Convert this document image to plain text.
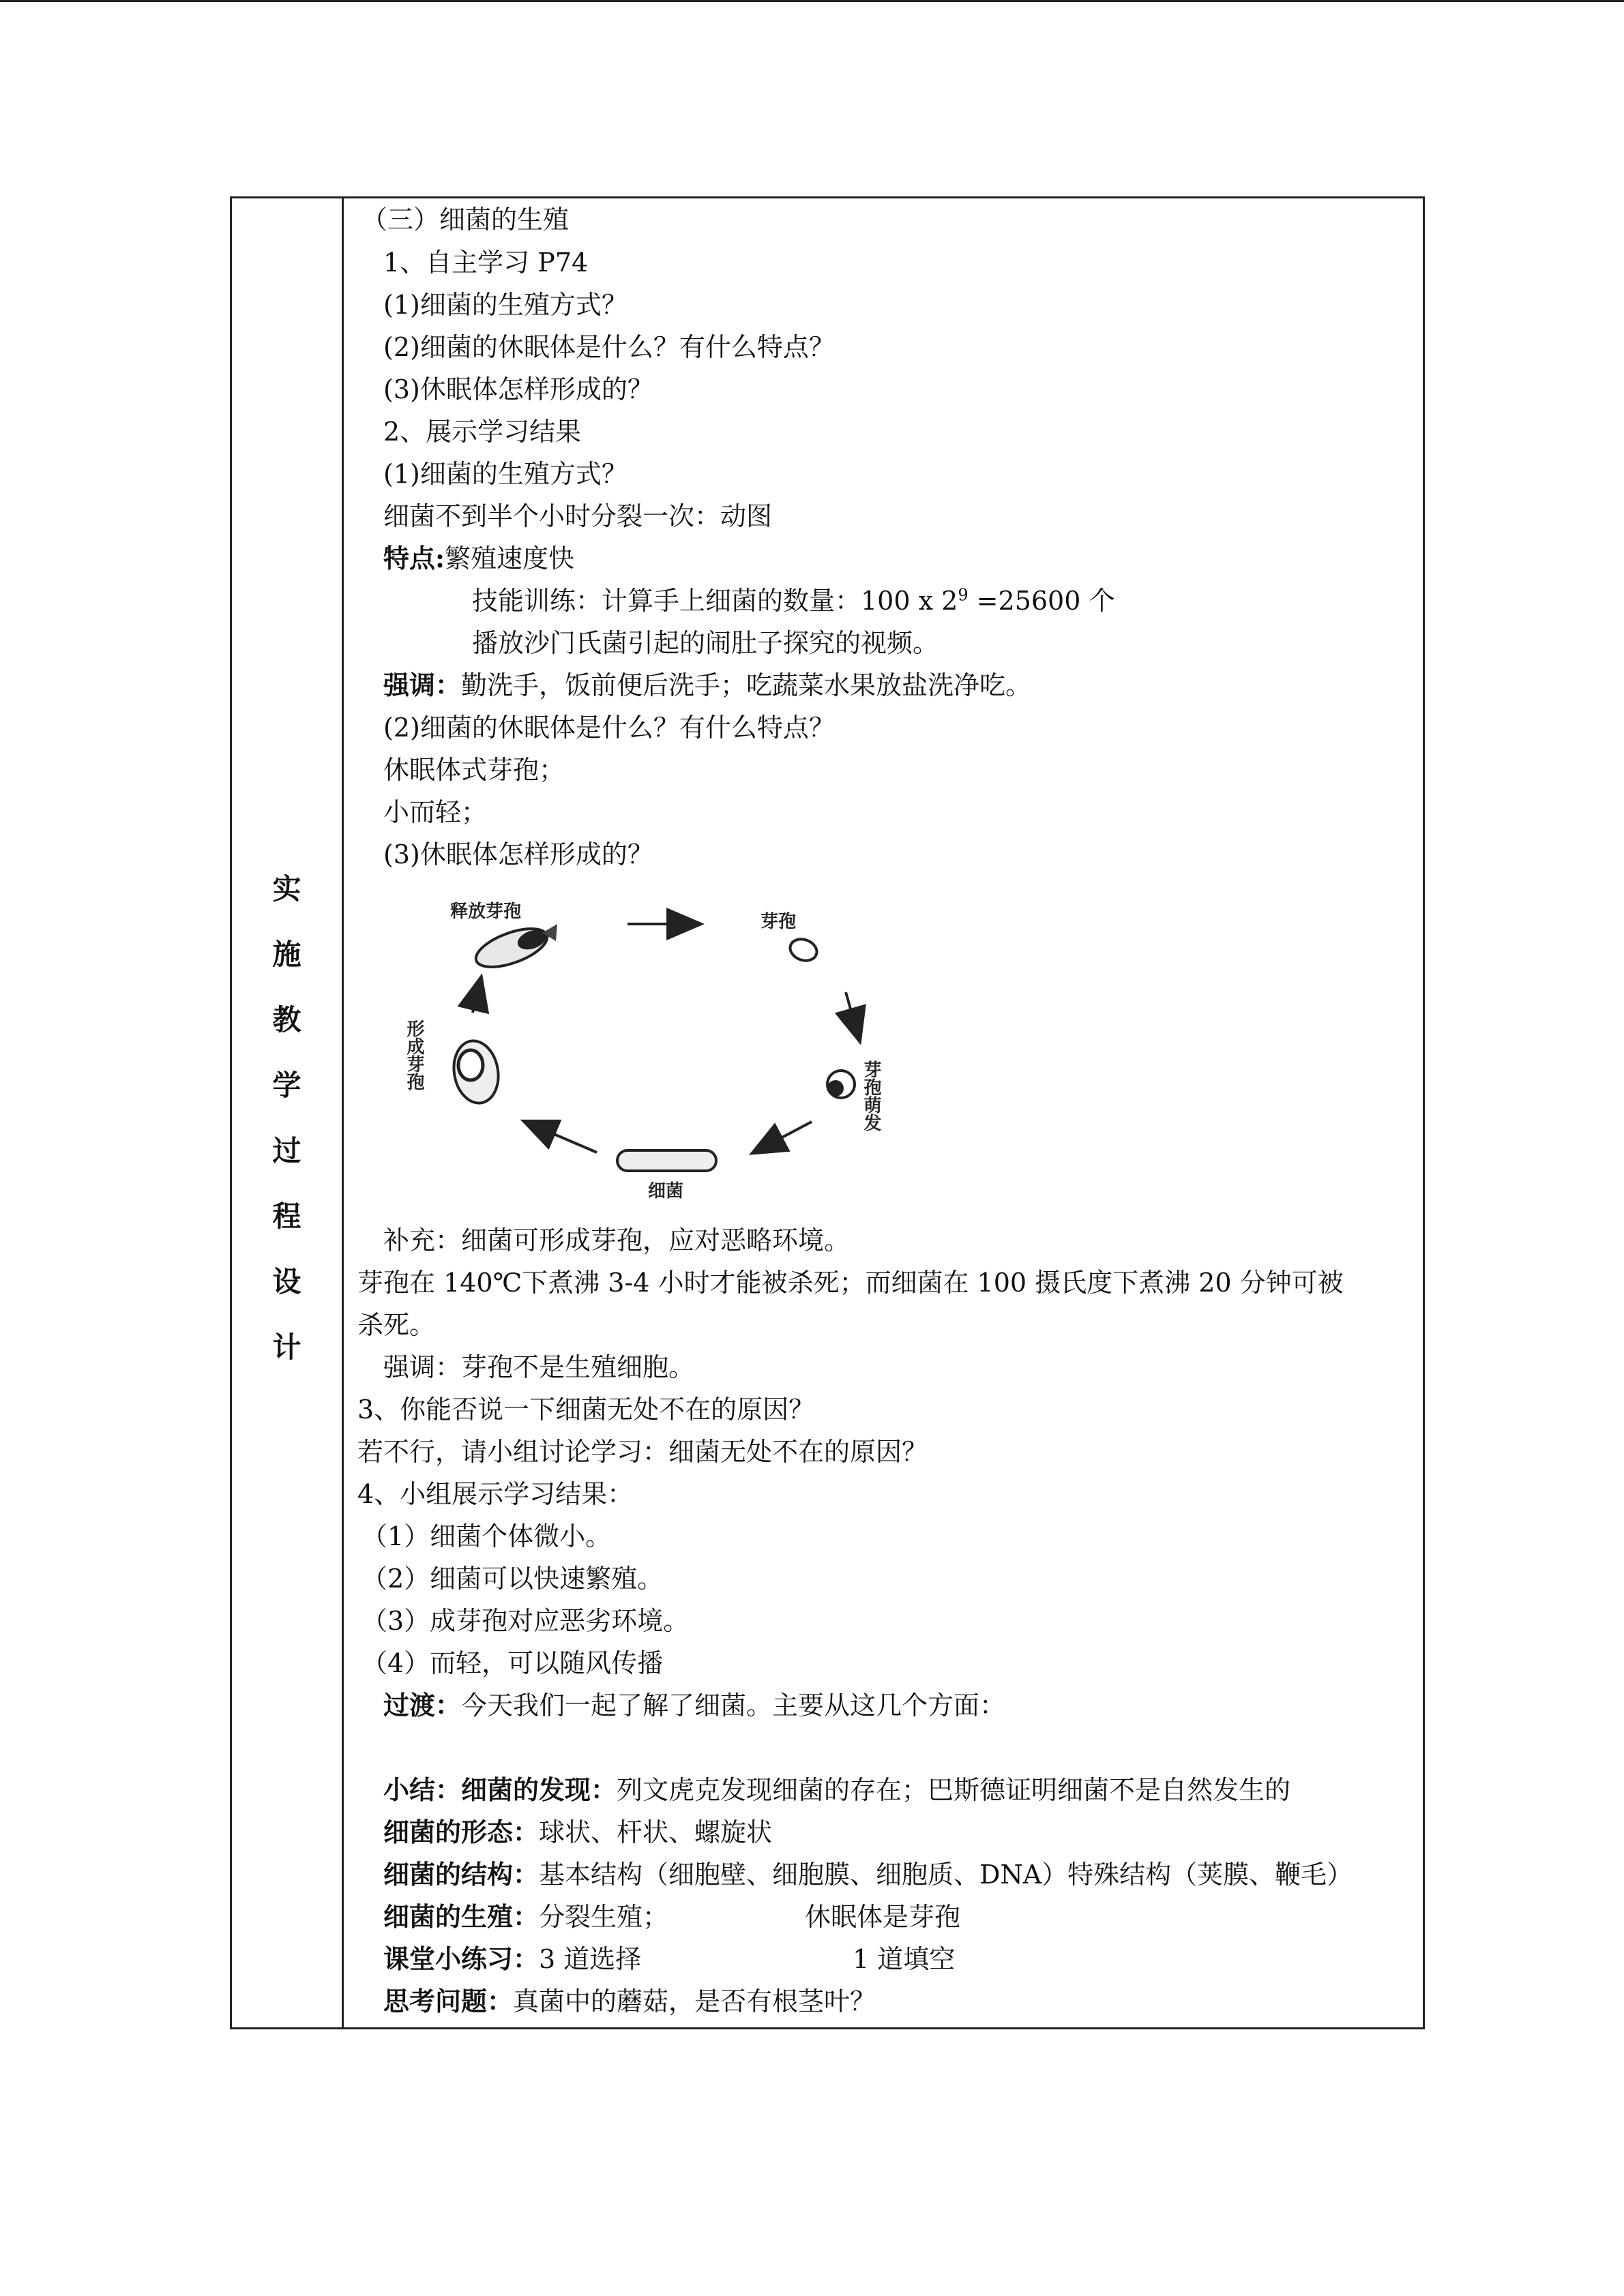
实
施
教
学
过
程
设
计
（三）细菌的生殖
1、自主学习 P74
(1)细菌的生殖方式？
(2)细菌的休眠体是什么？有什么特点？
(3)休眠体怎样形成的？
2、展示学习结果
(1)细菌的生殖方式？
细菌不到半个小时分裂一次：动图
特点:繁殖速度快
技能训练：计算手上细菌的数量：100 x $2^9 =25600$ 个
播放沙门氏菌引起的闹肚子探究的视频。
强调：勤洗手，饭前便后洗手；吃蔬菜水果放盐洗净吃。
(2)细菌的休眠体是什么？有什么特点？
休眠体式芽孢；
小而轻；
(3)休眠体怎样形成的？
释放芽孢	芽孢
芽孢萌发
细菌
形成芽孢
补充：细菌可形成芽孢，应对恶略环境。
芽孢在 140℃下煮沸 3-4 小时才能被杀死；而细菌在 100 摄氏度下煮沸 20 分钟可被
杀死。
强调：芽孢不是生殖细胞。
3、你能否说一下细菌无处不在的原因？
若不行，请小组讨论学习：细菌无处不在的原因？
4、小组展示学习结果：
（1）细菌个体微小。
（2）细菌可以快速繁殖。
（3）成芽孢对应恶劣环境。
（4）而轻，可以随风传播
过渡：今天我们一起了解了细菌。主要从这几个方面：
小结：细菌的发现：列文虎克发现细菌的存在；巴斯德证明细菌不是自然发生的
细菌的形态：球状、杆状、螺旋状
细菌的结构：基本结构（细胞壁、细胞膜、细胞质、DNA）特殊结构（荚膜、鞭毛）
细菌的生殖：分裂生殖；	休眠体是芽孢
课堂小练习：3 道选择	1 道填空
思考问题：真菌中的蘑菇，是否有根茎叶？
